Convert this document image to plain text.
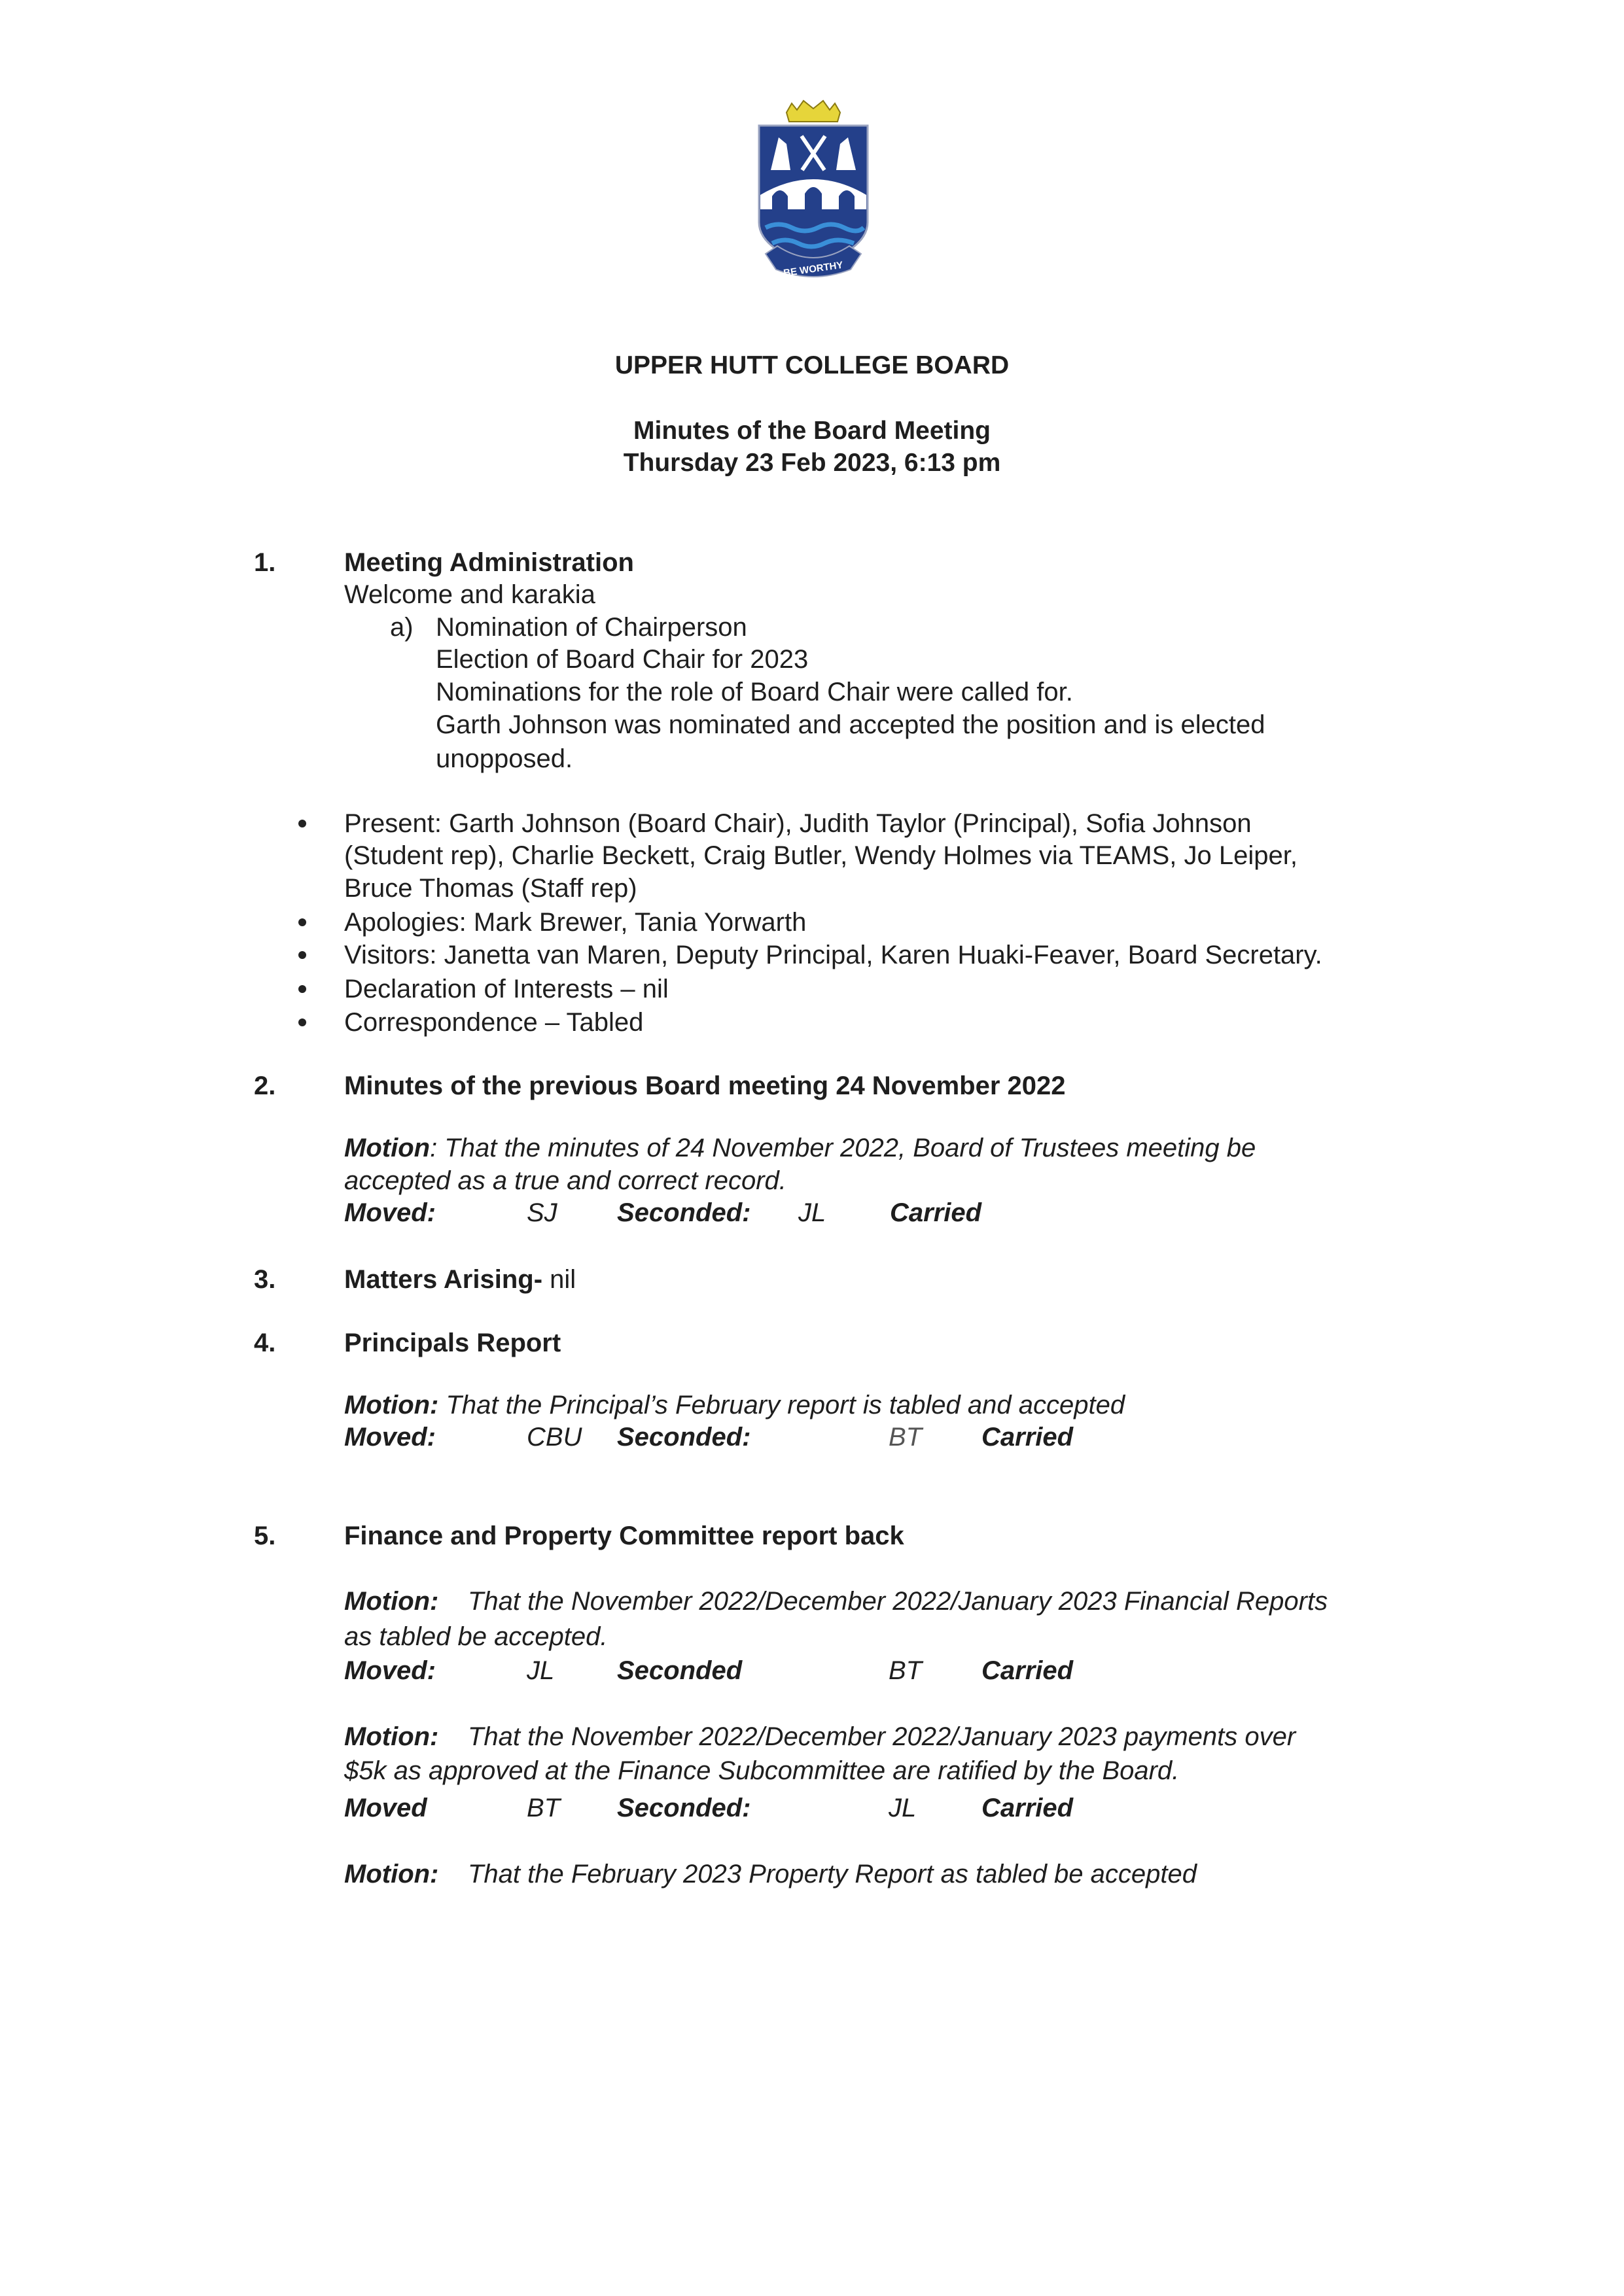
BE WORTHY
UPPER HUTT COLLEGE BOARD
Minutes of the Board Meeting
Thursday 23 Feb 2023, 6:13 pm
1.	Meeting Administration
Welcome and karakia
a) Nomination of Chairperson
Election of Board Chair for 2023
Nominations for the role of Board Chair were called for.
Garth Johnson was nominated and accepted the position and is elected
unopposed.
Present: Garth Johnson (Board Chair), Judith Taylor (Principal), Sofia Johnson
(Student rep), Charlie Beckett, Craig Butler, Wendy Holmes via TEAMS, Jo Leiper,
Bruce Thomas (Staff rep)
Apologies: Mark Brewer, Tania Yorwarth
Visitors: Janetta van Maren, Deputy Principal, Karen Huaki-Feaver, Board Secretary.
Declaration of Interests – nil
Correspondence – Tabled
2.	Minutes of the previous Board meeting 24 November 2022
Motion: That the minutes of 24 November 2022, Board of Trustees meeting be
accepted as a true and correct record.
Moved:	SJ Seconded: JL Carried
3.	Matters Arising- nil
4.	Principals Report
Motion: That the Principal’s February report is tabled and accepted
Moved:	CBU Seconded:	BT Carried
5.	Finance and Property Committee report back
Motion: That the November 2022/December 2022/January 2023 Financial Reports
as tabled be accepted.
Moved:	JL Seconded	BT Carried
Motion: That the November 2022/December 2022/January 2023 payments over
$5k as approved at the Finance Subcommittee are ratified by the Board.
Moved	BT Seconded:	JL Carried
Motion: That the February 2023 Property Report as tabled be accepted
